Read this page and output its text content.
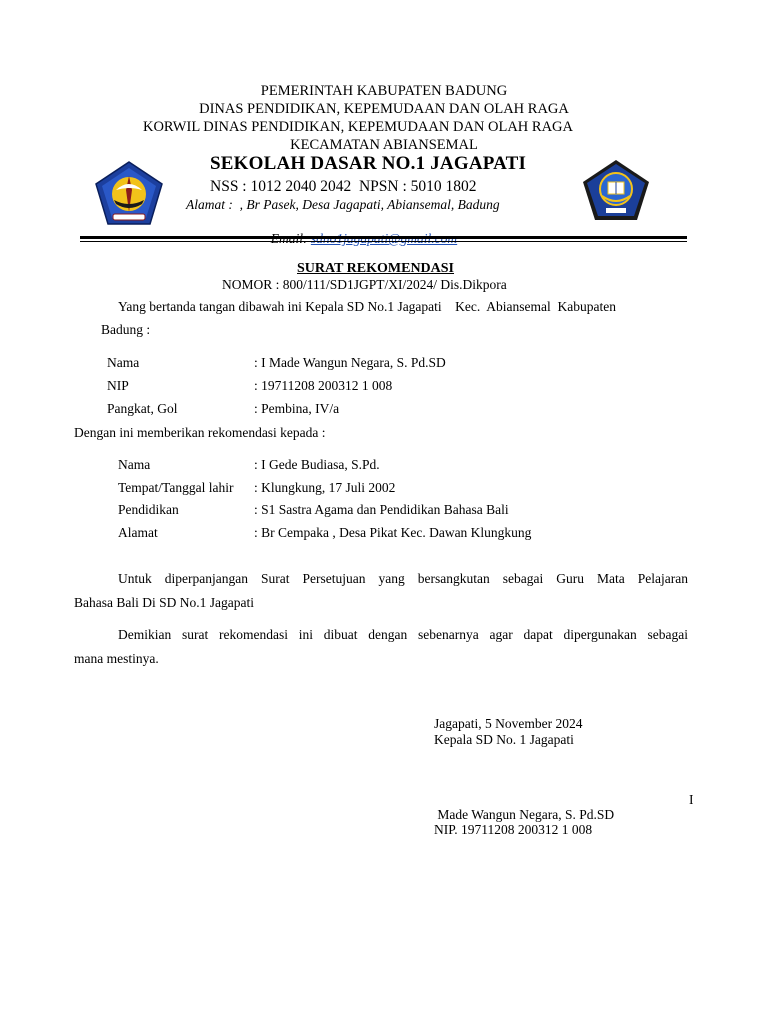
PEMERINTAH KABUPATEN BADUNG
DINAS PENDIDIKAN, KEPEMUDAAN DAN OLAH RAGA
KORWIL DINAS PENDIDIKAN, KEPEMUDAAN DAN OLAH RAGA
KECAMATAN ABIANSEMAL
SEKOLAH DASAR NO.1 JAGAPATI
NSS : 1012 2040 2042  NPSN : 5010 1802
Alamat :  , Br Pasek, Desa Jagapati, Abiansemal, Badung

SURAT REKOMENDASI
NOMOR : 800/111/SD1JGPT/XI/2024/ Dis.Dikpora
Yang bertanda tangan dibawah ini Kepala SD No.1 Jagapati    Kec.  Abiansemal  Kabupaten
Badung :
Nama	: I Made Wangun Negara, S. Pd.SD
NIP	: 19711208 200312 1 008
Pangkat, Gol	: Pembina, IV/a
Dengan ini memberikan rekomendasi kepada :
Nama	: I Gede Budiasa, S.Pd.
Tempat/Tanggal lahir : Klungkung, 17 Juli 2002
Pendidikan	: S1 Sastra Agama dan Pendidikan Bahasa Bali
Alamat	: Br Cempaka , Desa Pikat Kec. Dawan Klungkung
Untuk diperpanjangan Surat Persetujuan yang bersangkutan sebagai Guru Mata Pelajaran
Bahasa Bali Di SD No.1 Jagapati
Demikian surat rekomendasi ini dibuat dengan sebenarnya agar dapat dipergunakan sebagai
mana mestinya.
Jagapati, 5 November 2024
Kepala SD No. 1 Jagapati
I
Made Wangun Negara, S. Pd.SD
NIP. 19711208 200312 1 008
